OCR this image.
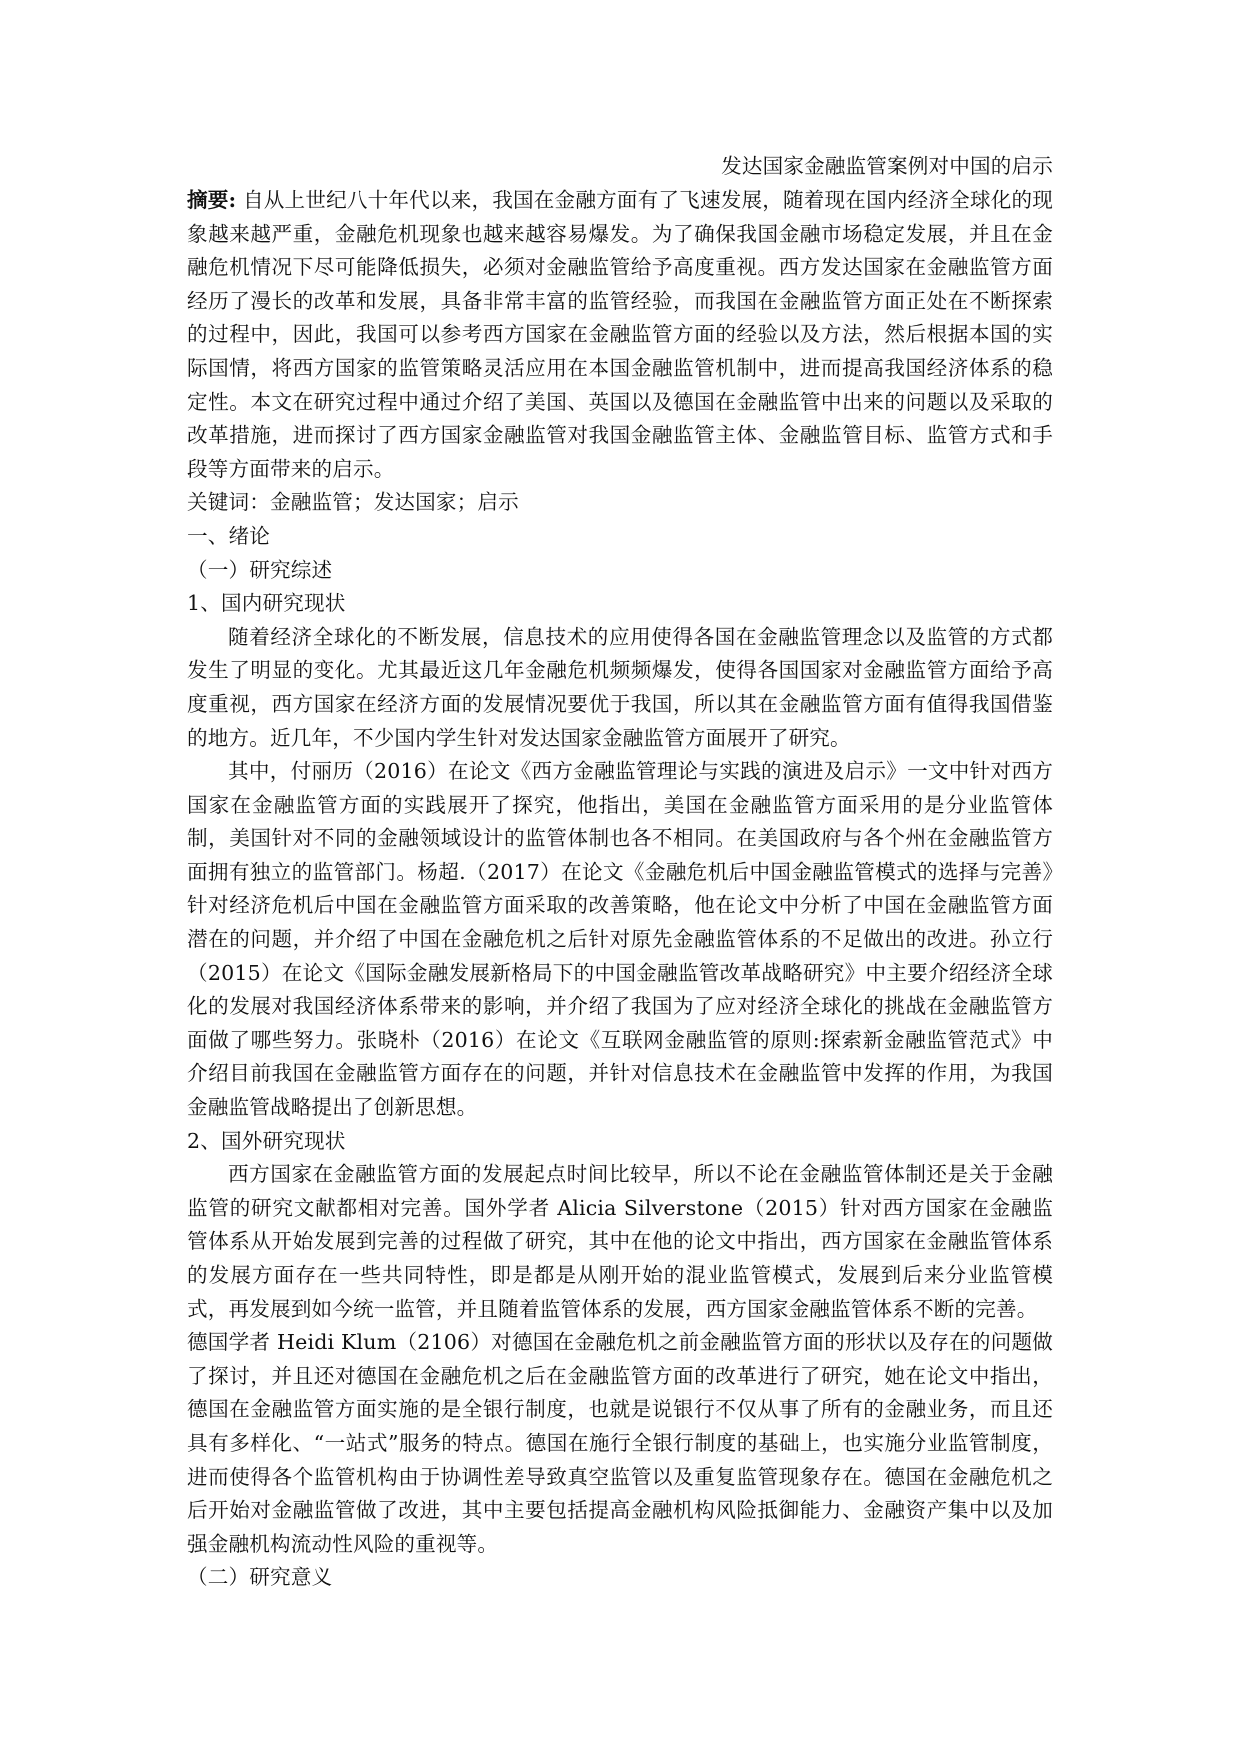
发达国家金融监管案例对中国的启示

摘要: 自从上世纪八十年代以来，我国在金融方面有了飞速发展，随着现在国内经济全球化的现象越来越严重，金融危机现象也越来越容易爆发。为了确保我国金融市场稳定发展，并且在金融危机情况下尽可能降低损失，必须对金融监管给予高度重视。西方发达国家在金融监管方面经历了漫长的改革和发展，具备非常丰富的监管经验，而我国在金融监管方面正处在不断探索的过程中，因此，我国可以参考西方国家在金融监管方面的经验以及方法，然后根据本国的实际国情，将西方国家的监管策略灵活应用在本国金融监管机制中，进而提高我国经济体系的稳定性。本文在研究过程中通过介绍了美国、英国以及德国在金融监管中出来的问题以及采取的改革措施，进而探讨了西方国家金融监管对我国金融监管主体、金融监管目标、监管方式和手段等方面带来的启示。

关键词：金融监管；发达国家；启示

一、绪论
（一）研究综述
1、国内研究现状

随着经济全球化的不断发展，信息技术的应用使得各国在金融监管理念以及监管的方式都发生了明显的变化。尤其最近这几年金融危机频频爆发，使得各国国家对金融监管方面给予高度重视，西方国家在经济方面的发展情况要优于我国，所以其在金融监管方面有值得我国借鉴的地方。近几年，不少国内学生针对发达国家金融监管方面展开了研究。

其中，付丽历（2016）在论文《西方金融监管理论与实践的演进及启示》一文中针对西方国家在金融监管方面的实践展开了探究，他指出，美国在金融监管方面采用的是分业监管体制，美国针对不同的金融领域设计的监管体制也各不相同。在美国政府与各个州在金融监管方面拥有独立的监管部门。杨超.（2017）在论文《金融危机后中国金融监管模式的选择与完善》针对经济危机后中国在金融监管方面采取的改善策略，他在论文中分析了中国在金融监管方面潜在的问题，并介绍了中国在金融危机之后针对原先金融监管体系的不足做出的改进。孙立行（2015）在论文《国际金融发展新格局下的中国金融监管改革战略研究》中主要介绍经济全球化的发展对我国经济体系带来的影响，并介绍了我国为了应对经济全球化的挑战在金融监管方面做了哪些努力。张晓朴（2016）在论文《互联网金融监管的原则:探索新金融监管范式》中介绍目前我国在金融监管方面存在的问题，并针对信息技术在金融监管中发挥的作用，为我国金融监管战略提出了创新思想。

2、国外研究现状

西方国家在金融监管方面的发展起点时间比较早，所以不论在金融监管体制还是关于金融监管的研究文献都相对完善。国外学者 Alicia Silverstone（2015）针对西方国家在金融监管体系从开始发展到完善的过程做了研究，其中在他的论文中指出，西方国家在金融监管体系的发展方面存在一些共同特性，即是都是从刚开始的混业监管模式，发展到后来分业监管模式，再发展到如今统一监管，并且随着监管体系的发展，西方国家金融监管体系不断的完善。

德国学者 Heidi Klum（2106）对德国在金融危机之前金融监管方面的形状以及存在的问题做了探讨，并且还对德国在金融危机之后在金融监管方面的改革进行了研究，她在论文中指出，德国在金融监管方面实施的是全银行制度，也就是说银行不仅从事了所有的金融业务，而且还具有多样化、“一站式”服务的特点。德国在施行全银行制度的基础上，也实施分业监管制度，进而使得各个监管机构由于协调性差导致真空监管以及重复监管现象存在。德国在金融危机之后开始对金融监管做了改进，其中主要包括提高金融机构风险抵御能力、金融资产集中以及加强金融机构流动性风险的重视等。

（二）研究意义
